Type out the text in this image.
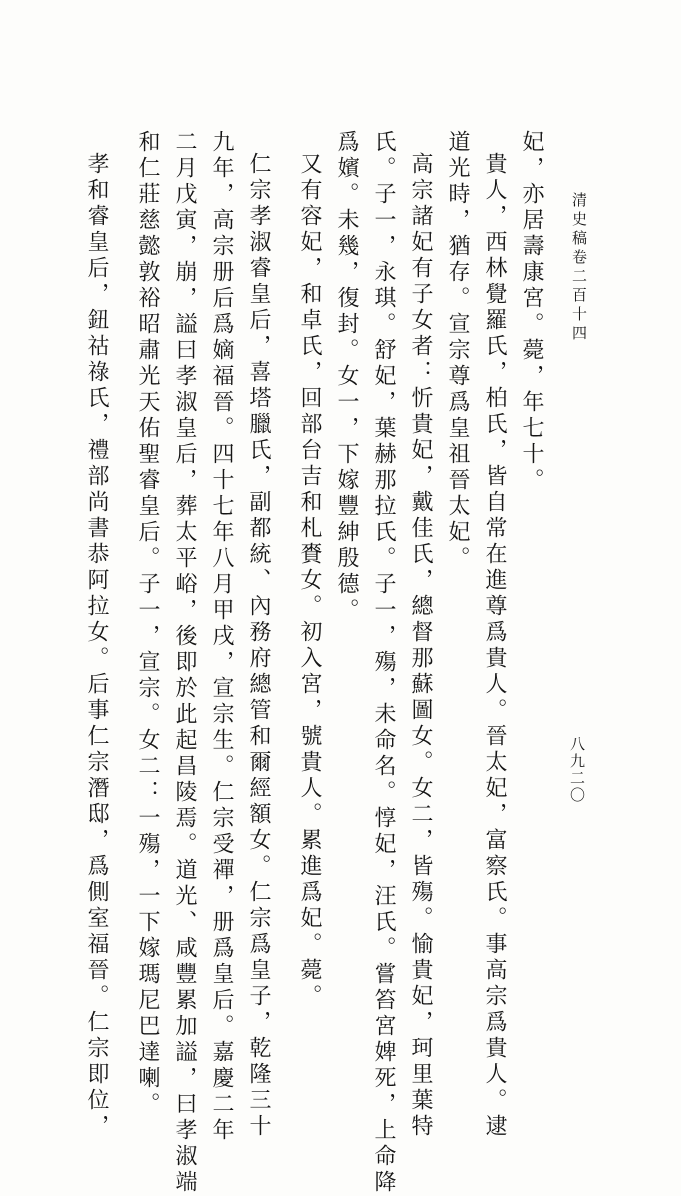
清史稿卷二百十四
八九二〇
妃，亦居壽康宮。薨，年七十。
貴人，西林覺羅氏，柏氏，皆自常在進尊爲貴人。晉太妃，富察氏。事高宗爲貴人。逮
道光時，猶存。宣宗尊爲皇祖晉太妃。
高宗諸妃有子女者：忻貴妃，戴佳氏，總督那蘇圖女。女二，皆殤。愉貴妃，珂里葉特
氏。子一，永琪。舒妃，葉赫那拉氏。子一，殤，未命名。惇妃，汪氏。嘗笞宮婢死，上命降
爲嬪。未幾，復封。女一，下嫁豐紳殷德。
又有容妃，和卓氏，回部台吉和札賚女。初入宮，號貴人。累進爲妃。薨。
仁宗孝淑睿皇后，喜塔臘氏，副都統、內務府總管和爾經額女。仁宗爲皇子，乾隆三十
九年，高宗册后爲嫡福晉。四十七年八月甲戌，宣宗生。仁宗受禪，册爲皇后。嘉慶二年
二月戊寅，崩，謚曰孝淑皇后，葬太平峪，後即於此起昌陵焉。道光、咸豐累加謚，曰孝淑端
和仁莊慈懿敦裕昭肅光天佑聖睿皇后。子一，宣宗。女二：一殤，一下嫁瑪尼巴達喇。
孝和睿皇后，鈕祜祿氏，禮部尚書恭阿拉女。后事仁宗潛邸，爲側室福晉。仁宗即位，
